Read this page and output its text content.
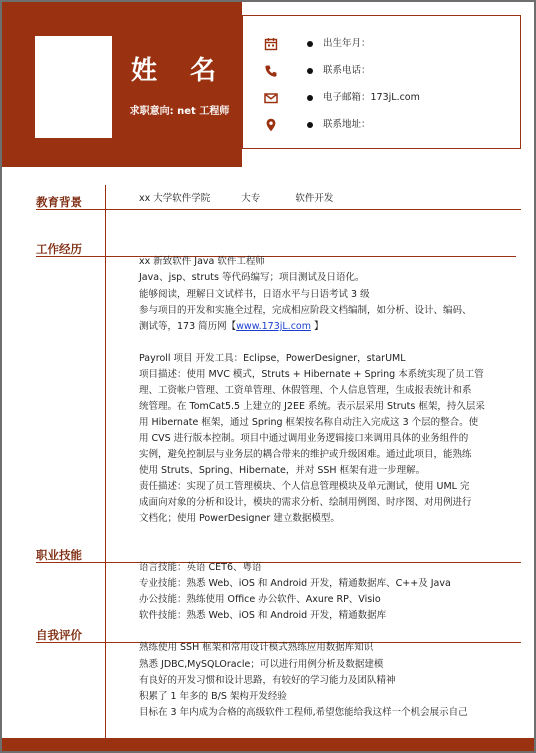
姓 名
求职意向: net 工程师
出生年月：
联系电话：
电子邮箱：173jL.com
联系地址：
教育背景	xx 大学软件学院	大专	软件开发
工作经历
xx 新致软件 Java 软件工程师
Java、jsp、struts 等代码编写；项目测试及日语化。
能够阅读，理解日文试样书，日语水平与日语考试 3 级
参与项目的开发和实施全过程，完成相应阶段文档编制，如分析、设计、编码、
测试等，173 简历网【www.173jL.com 】
Payroll 项目 开发工具：Eclipse，PowerDesigner，starUML
项目描述：使用 MVC 模式，Struts + Hibernate + Spring 本系统实现了员工管
理、工资帐户管理、工资单管理、休假管理、个人信息管理，生成报表统计和系
统管理。在 TomCat5.5 上建立的 J2EE 系统。表示层采用 Struts 框架，持久层采
用 Hibernate 框架，通过 Spring 框架按名称自动注入完成这 3 个层的整合。使
用 CVS 进行版本控制。项目中通过调用业务逻辑接口来调用具体的业务组件的
实例，避免控制层与业务层的耦合带来的维护或升级困难。通过此项目，能熟练
使用 Struts、Spring、Hibernate，并对 SSH 框架有进一步理解。
责任描述：实现了员工管理模块、个人信息管理模块及单元测试，使用 UML 完
成面向对象的分析和设计，模块的需求分析、绘制用例图、时序图、对用例进行
文档化；使用 PowerDesigner 建立数据模型。
职业技能
语言技能：英语 CET6、粤语
专业技能：熟悉 Web、iOS 和 Android 开发，精通数据库、C++及 Java
办公技能：熟练使用 Office 办公软件、Axure RP、Visio
软件技能：熟悉 Web、iOS 和 Android 开发，精通数据库
自我评价
熟练使用 SSH 框架和常用设计模式熟练应用数据库知识
熟悉 JDBC,MySQLOracle；可以进行用例分析及数据建模
有良好的开发习惯和设计思路，有较好的学习能力及团队精神
积累了 1 年多的 B/S 架构开发经验
目标在 3 年内成为合格的高级软件工程师,希望您能给我这样一个机会展示自己
